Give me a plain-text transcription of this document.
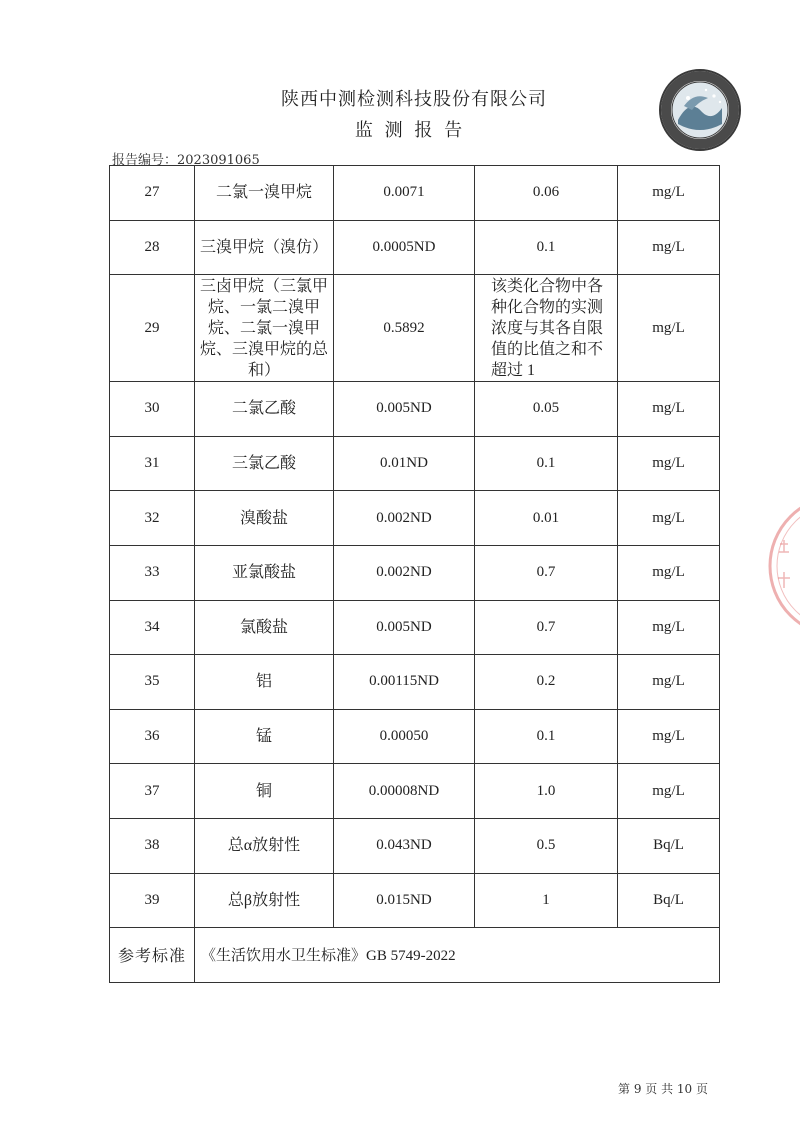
陕西中测检测科技股份有限公司
监 测 报 告
报告编号：2023091065
27	二氯一溴甲烷	0.0071	0.06	mg/L
28	三溴甲烷（溴仿）	0.0005ND	0.1	mg/L
29	三卤甲烷（三氯甲烷、一氯二溴甲烷、二氯一溴甲烷、三溴甲烷的总和）	0.5892	该类化合物中各种化合物的实测浓度与其各自限值的比值之和不超过 1	mg/L
30	二氯乙酸	0.005ND	0.05	mg/L
31	三氯乙酸	0.01ND	0.1	mg/L
32	溴酸盐	0.002ND	0.01	mg/L
33	亚氯酸盐	0.002ND	0.7	mg/L
34	氯酸盐	0.005ND	0.7	mg/L
35	铝	0.00115ND	0.2	mg/L
36	锰	0.00050	0.1	mg/L
37	铜	0.00008ND	1.0	mg/L
38	总α放射性	0.043ND	0.5	Bq/L
39	总β放射性	0.015ND	1	Bq/L
参考标准	《生活饮用水卫生标准》GB 5749-2022			
第 9 页 共 10 页
